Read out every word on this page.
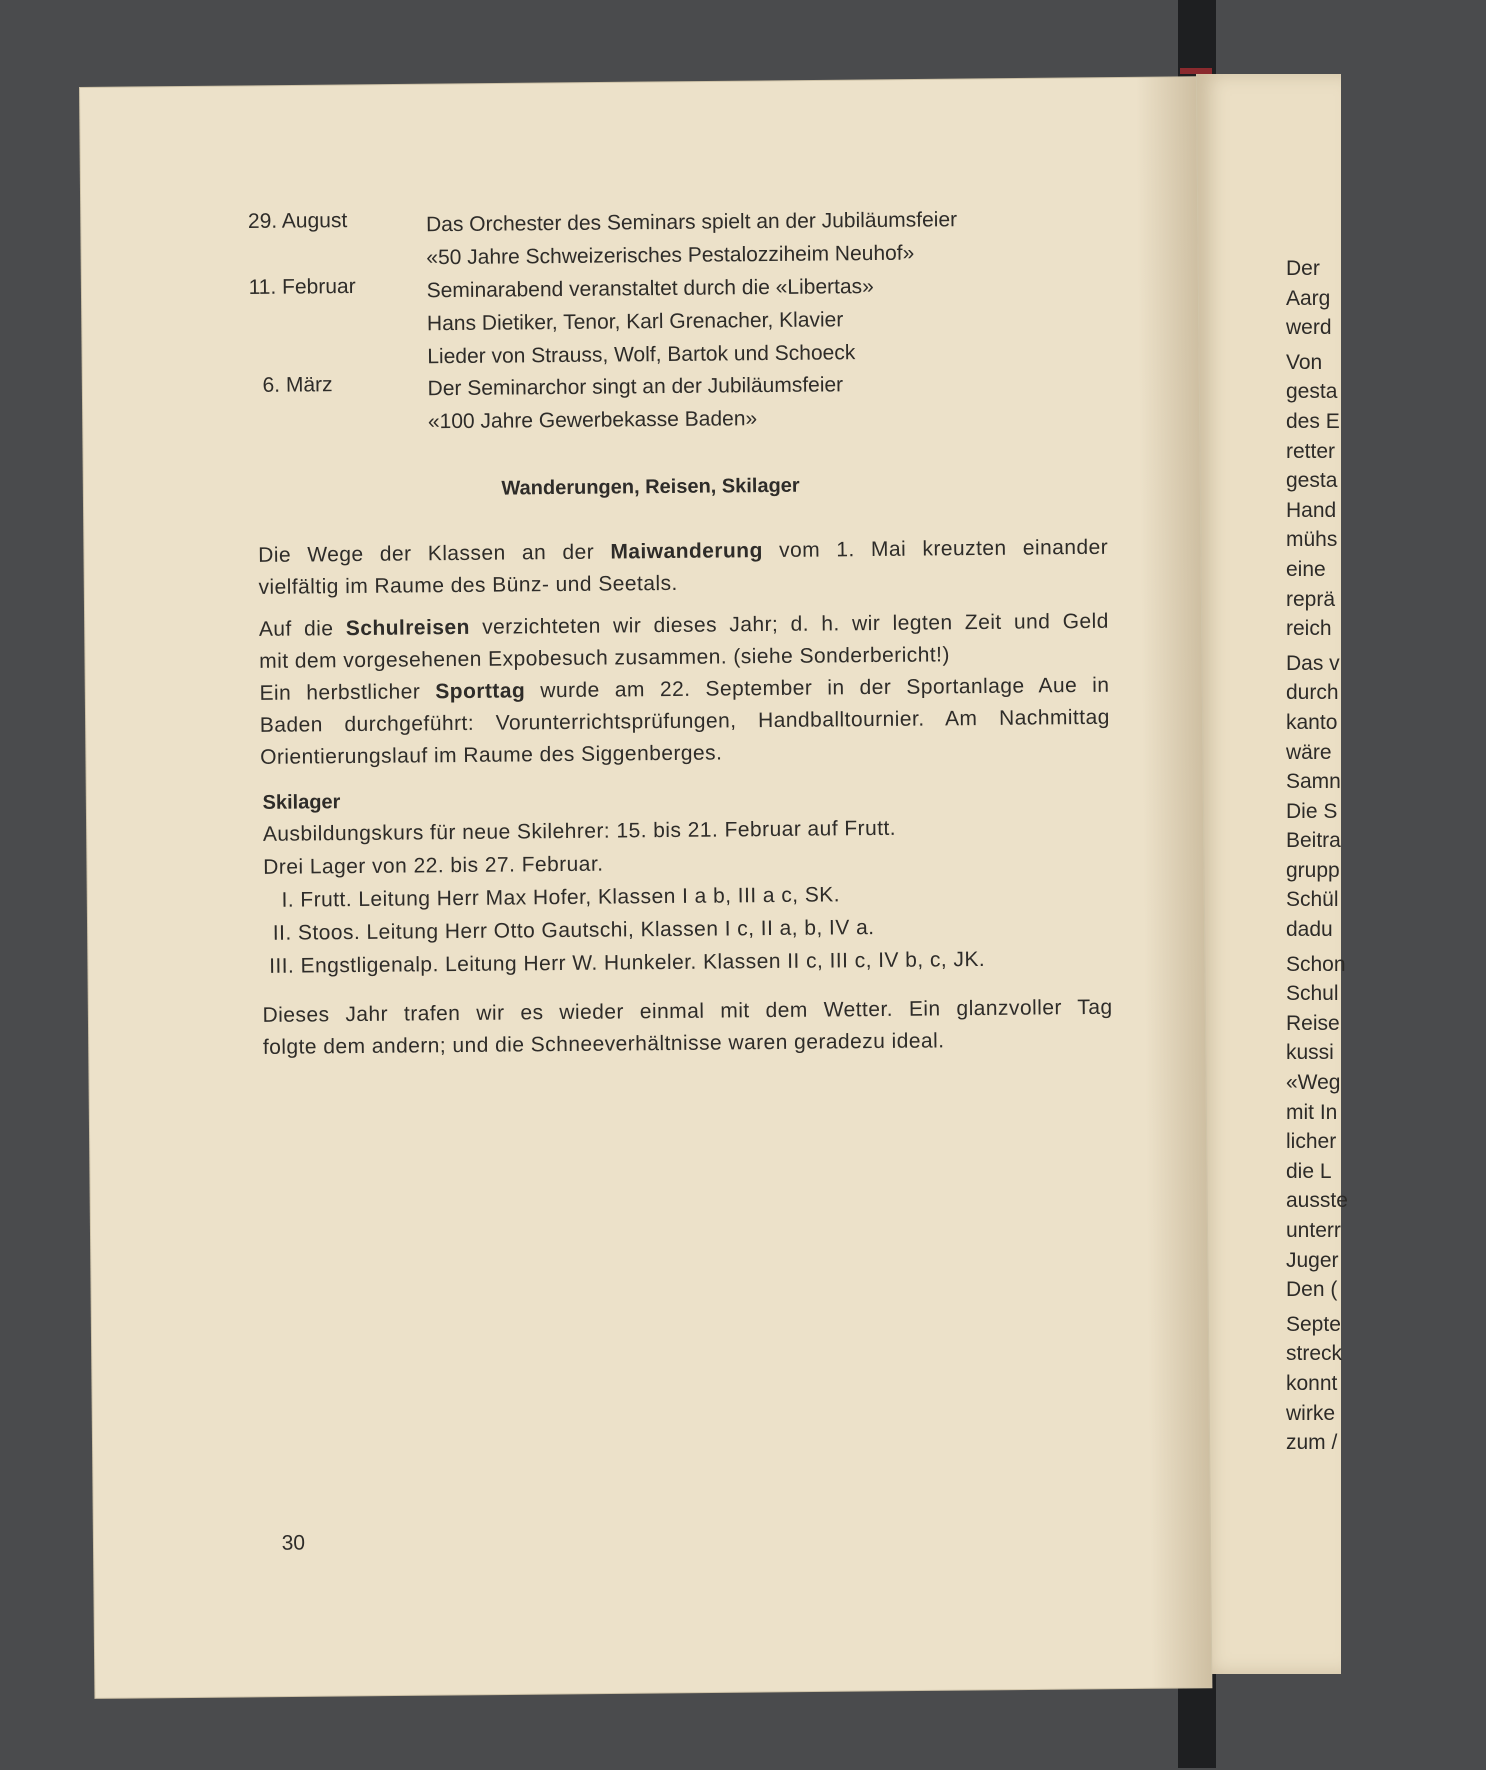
Der
Aarg
werd
Von
gesta
des E
retter
gesta
Hand
mühs
eine
reprä
reich
Das v
durch
kanto
wäre
Samn
Die S
Beitra
grupp
Schül
dadu
Schon
Schul
Reise
kussi
«Weg
mit In
licher
die L
ausste
unterr
Juger
Den (
Septe
streck
konnt
wirke
zum /
29. August	Das Orchester des Seminars spielt an der Jubiläumsfeier
«50 Jahre Schweizerisches Pestalozziheim Neuhof»
11. Februar	Seminarabend veranstaltet durch die «Libertas»
Hans Dietiker, Tenor, Karl Grenacher, Klavier
Lieder von Strauss, Wolf, Bartok und Schoeck
6. März	Der Seminarchor singt an der Jubiläumsfeier
«100 Jahre Gewerbekasse Baden»
Wanderungen, Reisen, Skilager
Die Wege der Klassen an der Maiwanderung vom 1. Mai kreuzten einander
vielfältig im Raume des Bünz- und Seetals.
Auf die Schulreisen verzichteten wir dieses Jahr; d. h. wir legten Zeit und Geld
mit dem vorgesehenen Expobesuch zusammen. (siehe Sonderbericht!)
Ein herbstlicher Sporttag wurde am 22. September in der Sportanlage Aue in
Baden durchgeführt: Vorunterrichtsprüfungen, Handballtournier. Am Nachmittag
Orientierungslauf im Raume des Siggenberges.
Skilager
Ausbildungskurs für neue Skilehrer: 15. bis 21. Februar auf Frutt.
Drei Lager von 22. bis 27. Februar.
I. Frutt. Leitung Herr Max Hofer, Klassen I a b, III a c, SK.
II. Stoos. Leitung Herr Otto Gautschi, Klassen I c, II a, b, IV a.
III. Engstligenalp. Leitung Herr W. Hunkeler. Klassen II c, III c, IV b, c, JK.
Dieses Jahr trafen wir es wieder einmal mit dem Wetter. Ein glanzvoller Tag
folgte dem andern; und die Schneeverhältnisse waren geradezu ideal.
30
